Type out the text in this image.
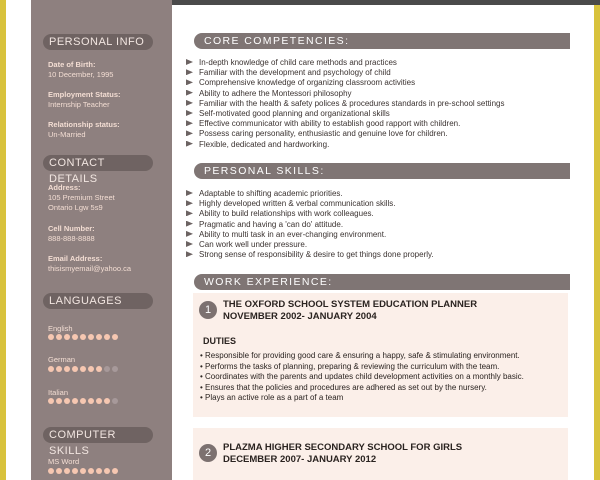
PERSONAL INFO
Date of Birth:
10 December, 1995
Employment Status:
Internship Teacher
Relationship status:
Un-Married
CONTACT DETAILS
Address:
105 Premium Street
Ontario Lgw 5s9
Cell Number:
888-888-8888
Email Address:
thisismyemail@yahoo.ca
LANGUAGES
English
German
Italian
COMPUTER SKILLS
MS Word
CORE COMPETENCIES:
In-depth knowledge of child care methods and practices
Familiar with the development and psychology of child
Comprehensive knowledge of organizing classroom activities
Ability to adhere the Montessori philosophy
Familiar with the health & safety polices & procedures standards in pre-school settings
Self-motivated good planning and organizational skills
Effective communicator with ability to establish good rapport with children.
Possess caring personality, enthusiastic and genuine love for children.
Flexible, dedicated and hardworking.
PERSONAL SKILLS:
Adaptable to shifting academic priorities.
Highly developed written & verbal communication skills.
Ability to build relationships with work colleagues.
Pragmatic and having a 'can do' attitude.
Ability to multi task in an ever-changing environment.
Can work well under pressure.
Strong sense of responsibility & desire to get things done properly.
WORK EXPERIENCE:
1	THE OXFORD SCHOOL SYSTEM EDUCATION PLANNER
NOVEMBER 2002- JANUARY 2004
DUTIES
• Responsible for providing good care & ensuring a happy, safe & stimulating environment.
• Performs the tasks of planning, preparing & reviewing the curriculum with the team.
• Coordinates with the parents and updates child development activities on a monthly basic.
• Ensures that the policies and procedures are adhered as set out by the nursery.
• Plays an active role as a part of a team
2	PLAZMA HIGHER SECONDARY SCHOOL FOR GIRLS
DECEMBER 2007- JANUARY 2012
